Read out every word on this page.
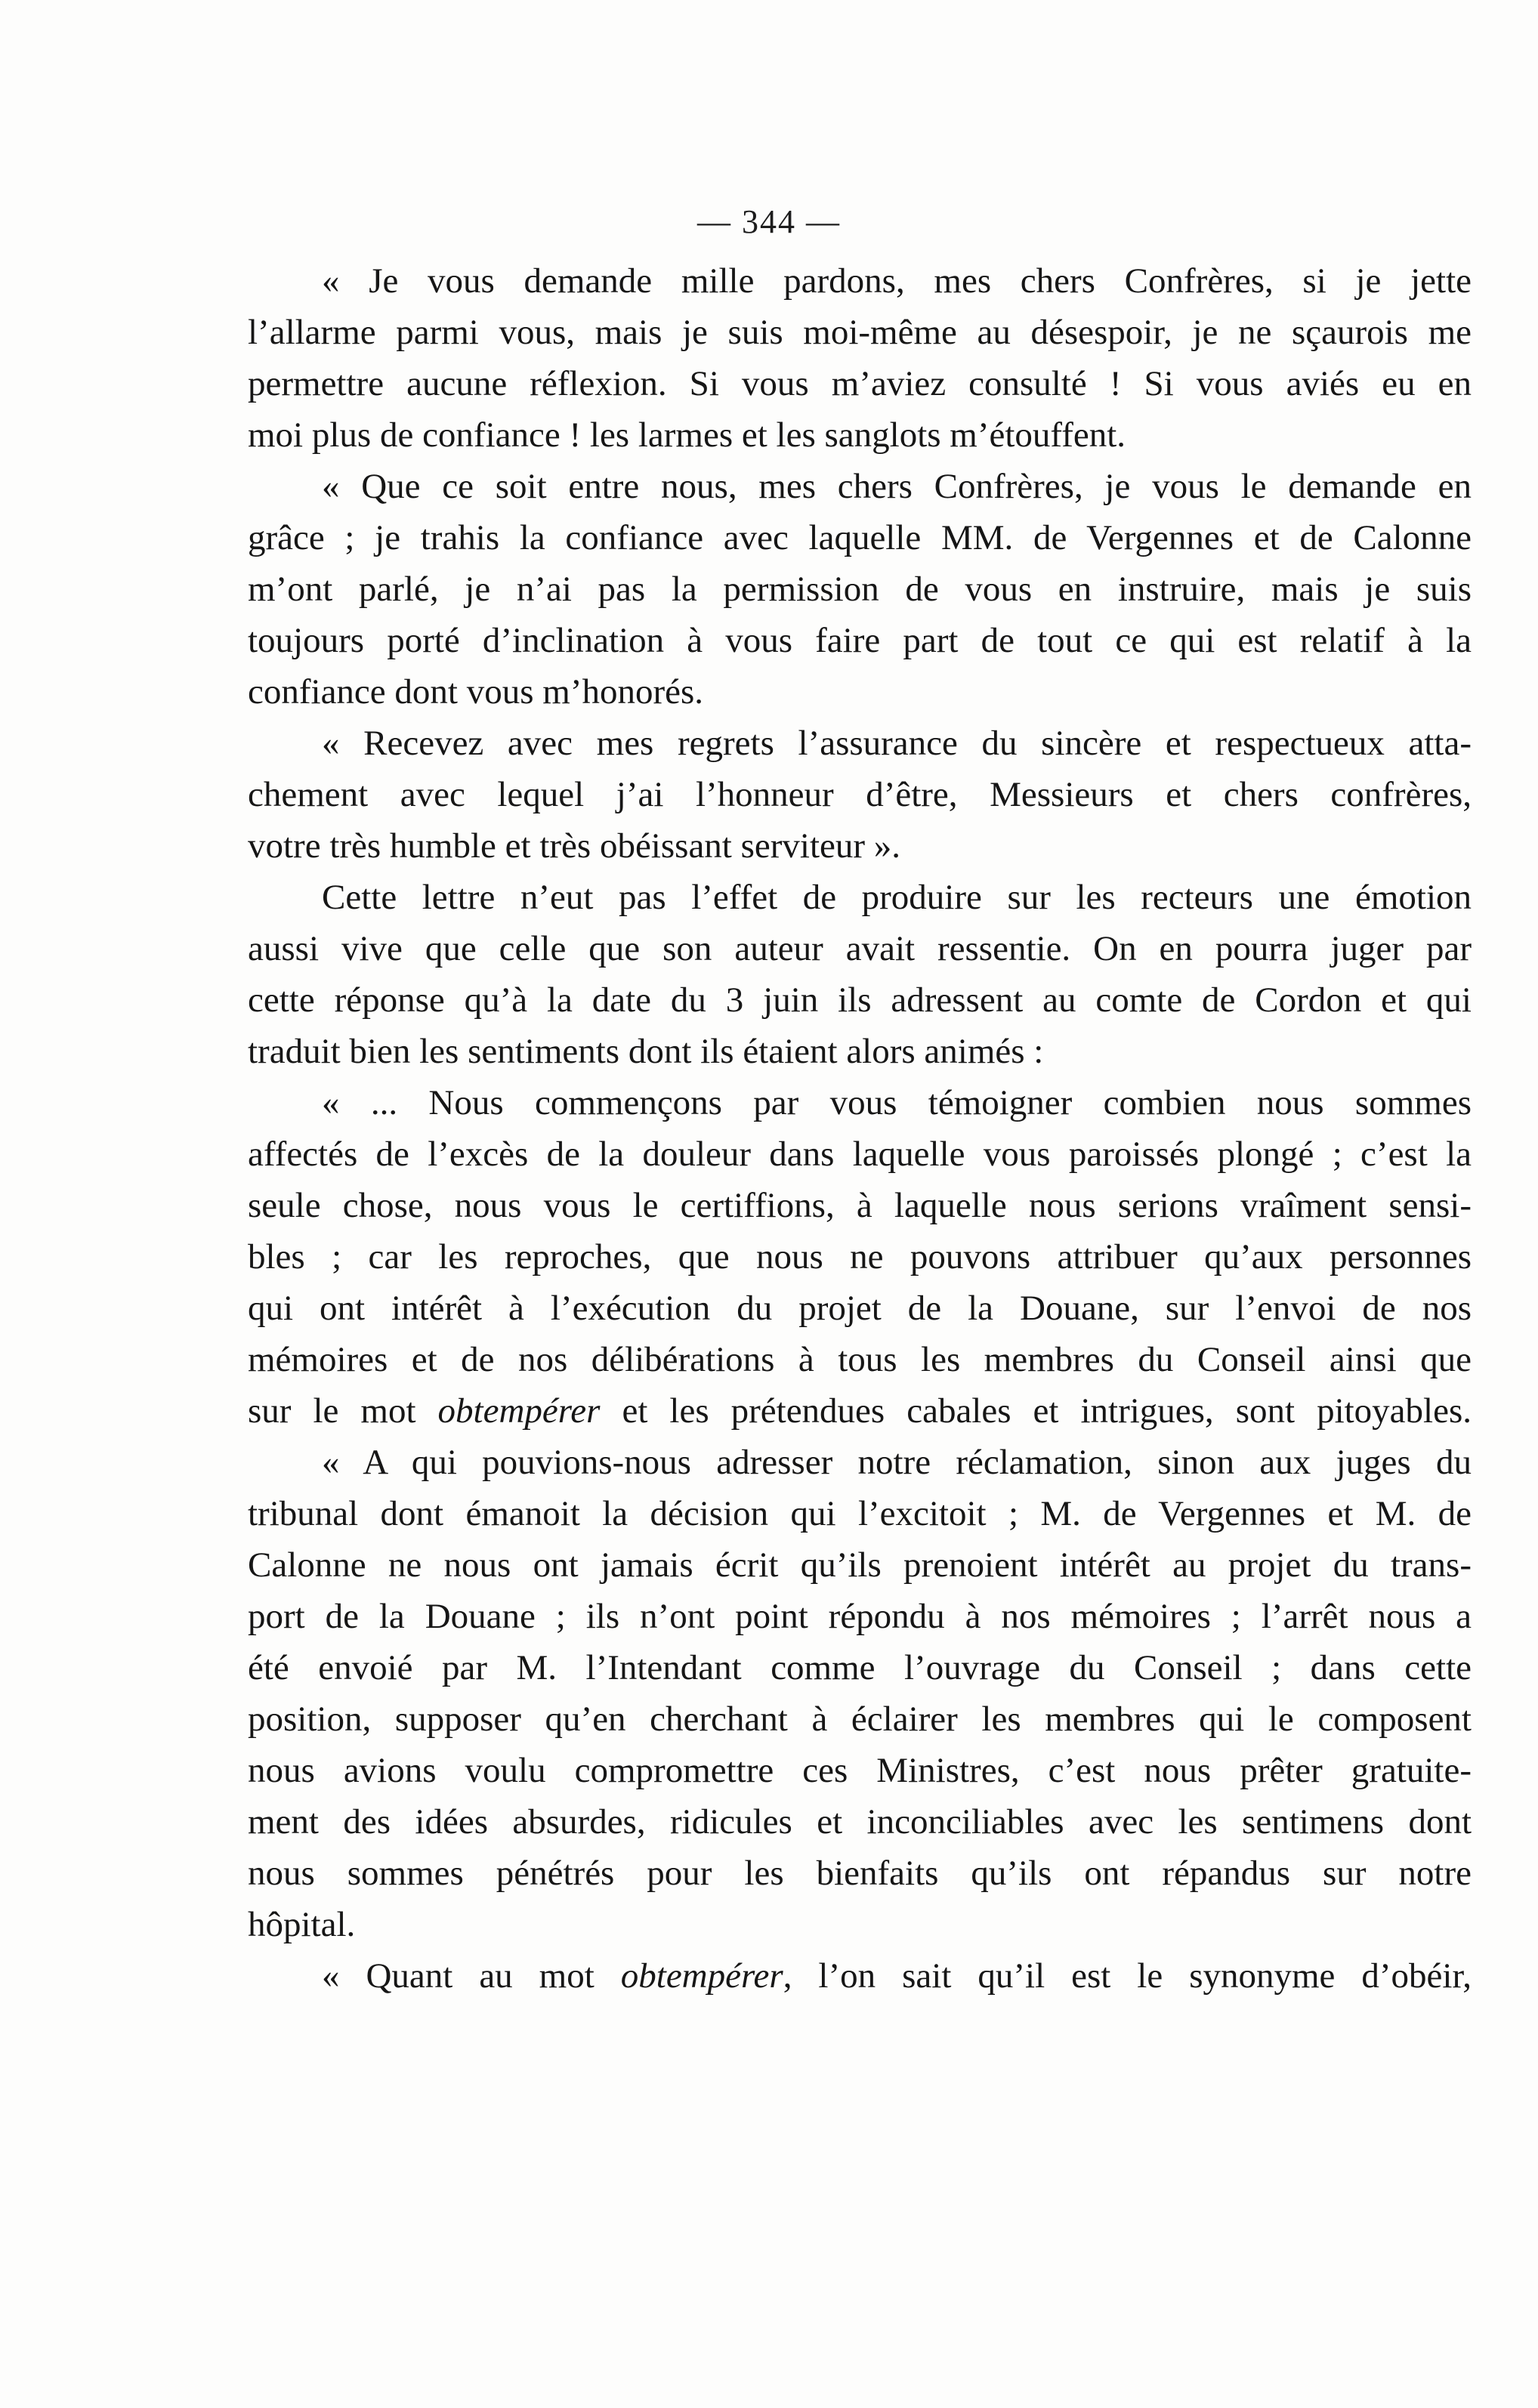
— 344 —
« Je vous demande mille pardons, mes chers Confrères, si je jette
l’allarme parmi vous, mais je suis moi-même au désespoir, je ne sçaurois me
permettre aucune réflexion. Si vous m’aviez consulté ! Si vous aviés eu en
moi plus de confiance ! les larmes et les sanglots m’étouffent.
« Que ce soit entre nous, mes chers Confrères, je vous le demande en
grâce ; je trahis la confiance avec laquelle MM. de Vergennes et de Calonne
m’ont parlé, je n’ai pas la permission de vous en instruire, mais je suis
toujours porté d’inclination à vous faire part de tout ce qui est relatif à la
confiance dont vous m’honorés.
« Recevez avec mes regrets l’assurance du sincère et respectueux atta-
chement avec lequel j’ai l’honneur d’être, Messieurs et chers confrères,
votre très humble et très obéissant serviteur ».
Cette lettre n’eut pas l’effet de produire sur les recteurs une émotion
aussi vive que celle que son auteur avait ressentie. On en pourra juger par
cette réponse qu’à la date du 3 juin ils adressent au comte de Cordon et qui
traduit bien les sentiments dont ils étaient alors animés :
« ... Nous commençons par vous témoigner combien nous sommes
affectés de l’excès de la douleur dans laquelle vous paroissés plongé ; c’est la
seule chose, nous vous le certiffions, à laquelle nous serions vraîment sensi-
bles ; car les reproches, que nous ne pouvons attribuer qu’aux personnes
qui ont intérêt à l’exécution du projet de la Douane, sur l’envoi de nos
mémoires et de nos délibérations à tous les membres du Conseil ainsi que
sur le mot obtempérer et les prétendues cabales et intrigues, sont pitoyables.
« A qui pouvions-nous adresser notre réclamation, sinon aux juges du
tribunal dont émanoit la décision qui l’excitoit ; M. de Vergennes et M. de
Calonne ne nous ont jamais écrit qu’ils prenoient intérêt au projet du trans-
port de la Douane ; ils n’ont point répondu à nos mémoires ; l’arrêt nous a
été envoié par M. l’Intendant comme l’ouvrage du Conseil ; dans cette
position, supposer qu’en cherchant à éclairer les membres qui le composent
nous avions voulu compromettre ces Ministres, c’est nous prêter gratuite-
ment des idées absurdes, ridicules et inconciliables avec les sentimens dont
nous sommes pénétrés pour les bienfaits qu’ils ont répandus sur notre
hôpital.
« Quant au mot obtempérer, l’on sait qu’il est le synonyme d’obéir,
